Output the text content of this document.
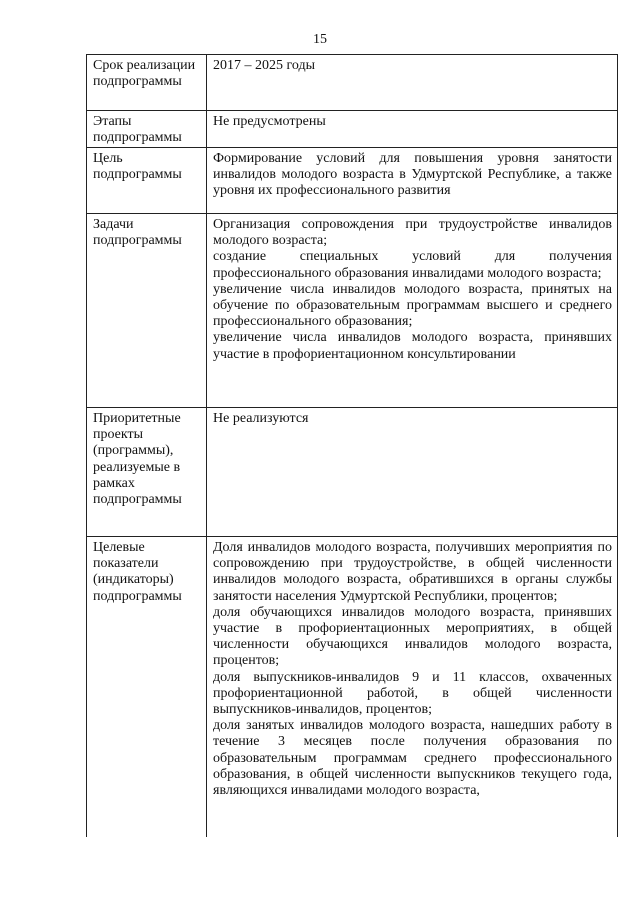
15
Срок реализации подпрограммы	2017 – 2025 годы

Этапы подпрограммы	Не предусмотрены

Цель подпрограммы	Формирование условий для повышения уровня занятости инвалидов молодого возраста в Удмуртской Республике, а также уровня их профессионального развития

Задачи подпрограммы	Организация сопровождения при трудоустройстве инвалидов молодого возраста;
создание специальных условий для получения профессионального образования инвалидами молодого возраста;
увеличение числа инвалидов молодого возраста, принятых на обучение по образовательным программам высшего и среднего профессионального образования;
увеличение числа инвалидов молодого возраста, принявших участие в профориентационном консультировании

Приоритетные проекты (программы), реализуемые в рамках подпрограммы	Не реализуются

Целевые показатели (индикаторы) подпрограммы	Доля инвалидов молодого возраста, получивших мероприятия по сопровождению при трудоустройстве, в общей численности инвалидов молодого возраста, обратившихся в органы службы занятости населения Удмуртской Республики, процентов;
доля обучающихся инвалидов молодого возраста, принявших участие в профориентационных мероприятиях, в общей численности обучающихся инвалидов молодого возраста, процентов;
доля выпускников-инвалидов 9 и 11 классов, охваченных профориентационной работой, в общей численности выпускников-инвалидов, процентов;
доля занятых инвалидов молодого возраста, нашедших работу в течение 3 месяцев после получения образования по образовательным программам среднего профессионального образования, в общей численности выпускников текущего года, являющихся инвалидами молодого возраста,
